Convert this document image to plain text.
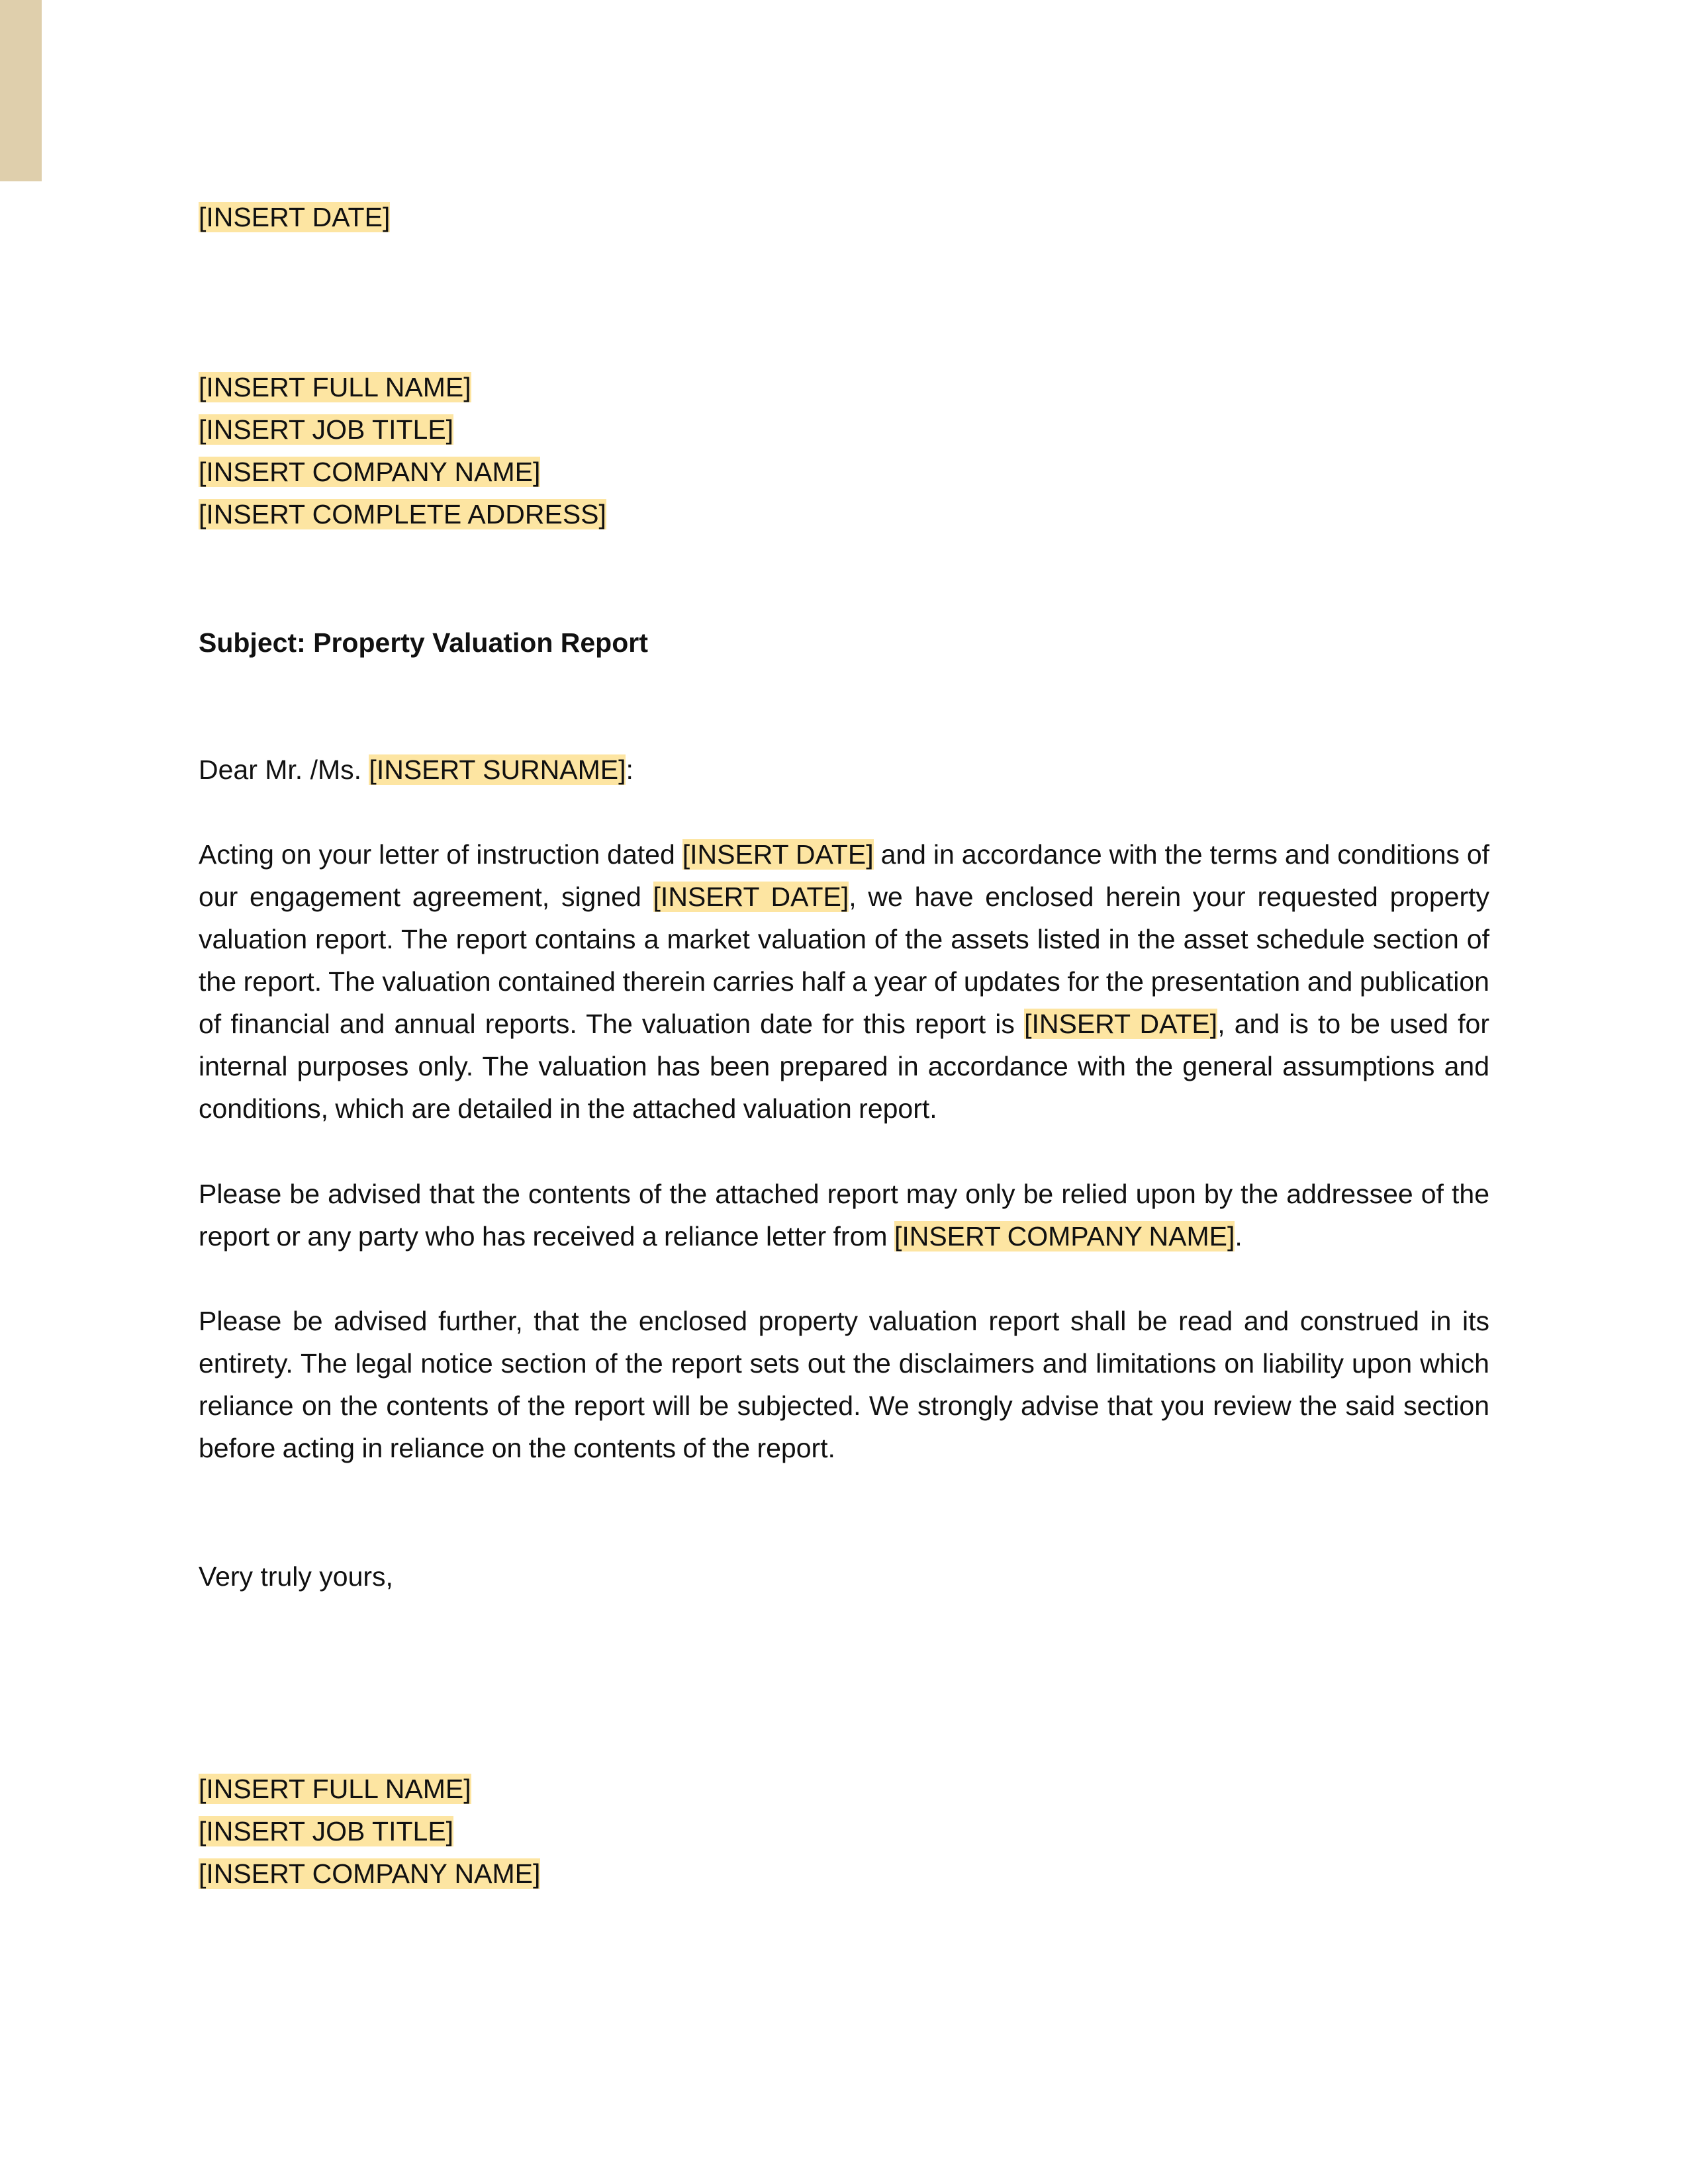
[INSERT DATE]
[INSERT FULL NAME]
[INSERT JOB TITLE]
[INSERT COMPANY NAME]
[INSERT COMPLETE ADDRESS]
Subject: Property Valuation Report
Dear Mr. /Ms. [INSERT SURNAME]:
Acting on your letter of instruction dated [INSERT DATE] and in accordance with the terms and conditions of our engagement agreement, signed [INSERT DATE], we have enclosed herein your requested property valuation report. The report contains a market valuation of the assets listed in the asset schedule section of the report. The valuation contained therein carries half a year of updates for the presentation and publication of financial and annual reports. The valuation date for this report is [INSERT DATE], and is to be used for internal purposes only. The valuation has been prepared in accordance with the general assumptions and conditions, which are detailed in the attached valuation report.
Please be advised that the contents of the attached report may only be relied upon by the addressee of the report or any party who has received a reliance letter from [INSERT COMPANY NAME].
Please be advised further, that the enclosed property valuation report shall be read and construed in its entirety. The legal notice section of the report sets out the disclaimers and limitations on liability upon which reliance on the contents of the report will be subjected. We strongly advise that you review the said section before acting in reliance on the contents of the report.
Very truly yours,
[INSERT FULL NAME]
[INSERT JOB TITLE]
[INSERT COMPANY NAME]
